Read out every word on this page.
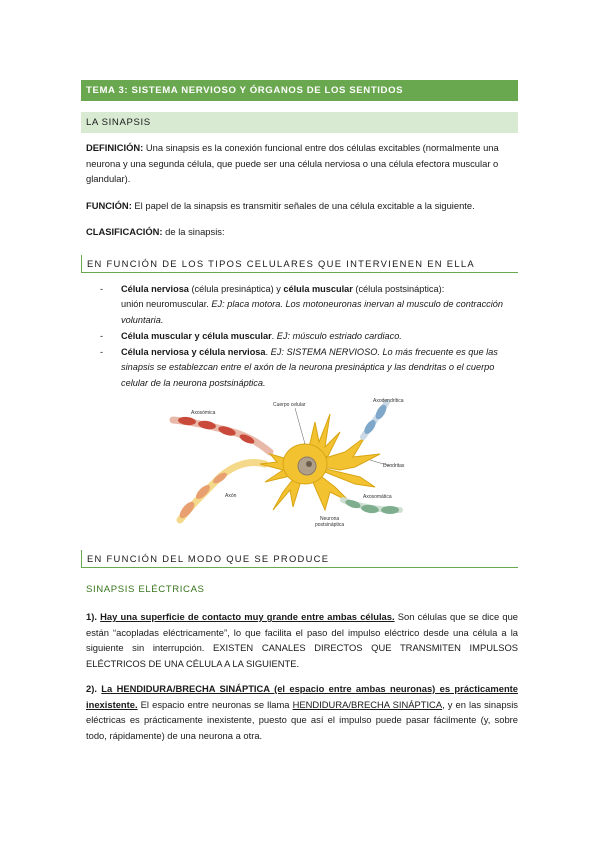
TEMA 3: SISTEMA NERVIOSO Y ÓRGANOS DE LOS SENTIDOS
LA SINAPSIS

DEFINICIÓN: Una sinapsis es la conexión funcional entre dos células excitables (normalmente una neurona y una segunda célula, que puede ser una célula nerviosa o una célula efectora muscular o glandular).

FUNCIÓN: El papel de la sinapsis es transmitir señales de una célula excitable a la siguiente.

CLASIFICACIÓN: de la sinapsis:

EN FUNCIÓN DE LOS TIPOS CELULARES QUE INTERVIENEN EN ELLA
- Célula nerviosa (célula presináptica) y célula muscular (célula postsináptica):
unión neuromuscular. EJ: placa motora. Los motoneuronas inervan al musculo de contracción voluntaria.
- Célula muscular y célula muscular. EJ: músculo estriado cardiaco.
- Célula nerviosa y célula nerviosa. EJ: SISTEMA NERVIOSO. Lo más frecuente es que las sinapsis se establezcan entre el axón de la neurona presináptica y las dendritas o el cuerpo celular de la neurona postsináptica.
Axosómica
Cuerpo celular
Axodendrítica
Dendritas
Axón	Axosomática
Neurona
postsináptica
EN FUNCIÓN DEL MODO QUE SE PRODUCE
SINAPSIS ELÉCTRICAS

1). Hay una superficie de contacto muy grande entre ambas células. Son células que se dice que están “acopladas eléctricamente”, lo que facilita el paso del impulso eléctrico desde una célula a la siguiente sin interrupción. EXISTEN CANALES DIRECTOS QUE TRANSMITEN IMPULSOS ELÉCTRICOS DE UNA CÉLULA A LA SIGUIENTE.

2). La HENDIDURA/BRECHA SINÁPTICA (el espacio entre ambas neuronas) es prácticamente inexistente. El espacio entre neuronas se llama HENDIDURA/BRECHA SINÁPTICA, y en las sinapsis eléctricas es prácticamente inexistente, puesto que así el impulso puede pasar fácilmente (y, sobre todo, rápidamente) de una neurona a otra.
